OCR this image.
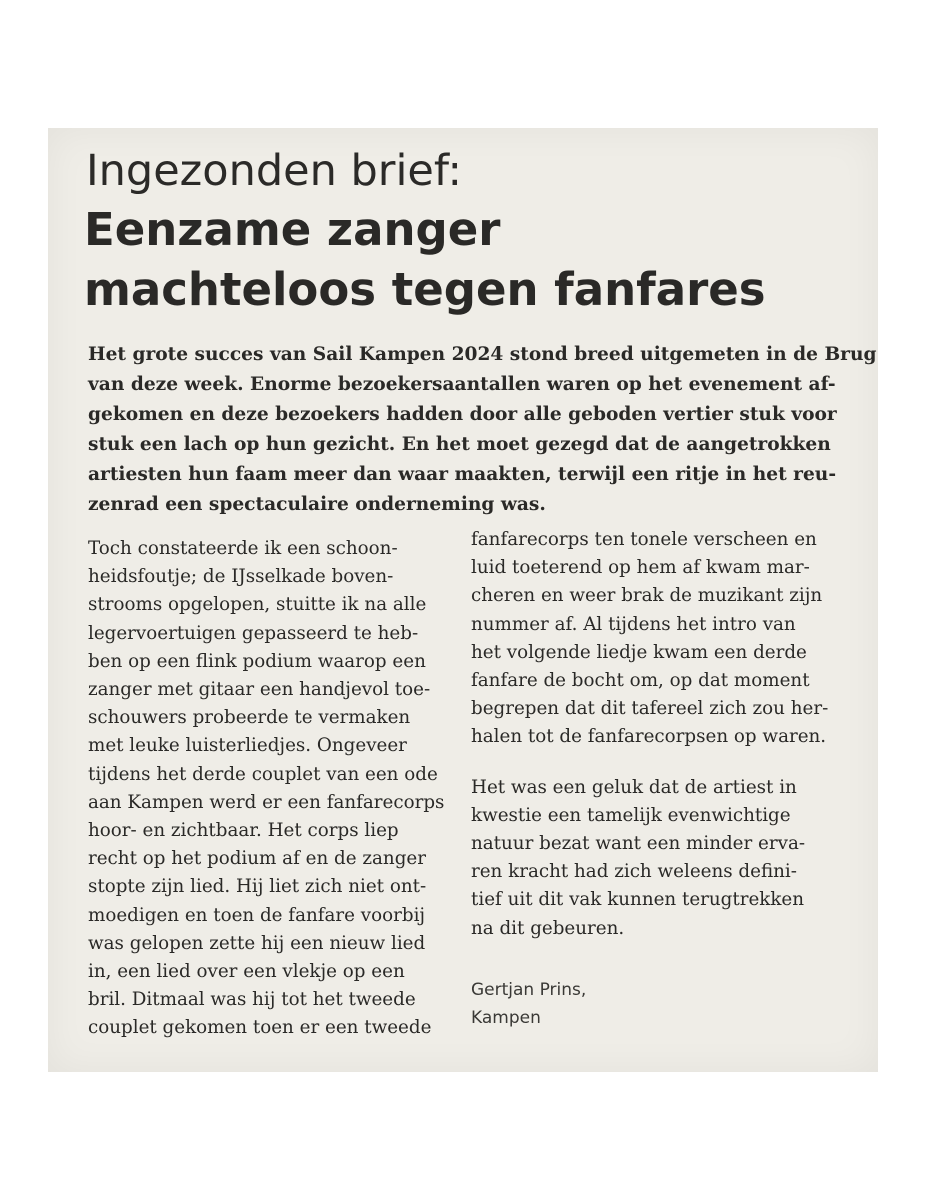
Ingezonden brief:
Eenzame zanger
machteloos tegen fanfares

Het grote succes van Sail Kampen 2024 stond breed uitgemeten in de Brug
van deze week. Enorme bezoekersaantallen waren op het evenement af-
gekomen en deze bezoekers hadden door alle geboden vertier stuk voor
stuk een lach op hun gezicht. En het moet gezegd dat de aangetrokken
artiesten hun faam meer dan waar maakten, terwijl een ritje in het reu-
zenrad een spectaculaire onderneming was.

Toch constateerde ik een schoon-
heidsfoutje; de IJsselkade boven-
strooms opgelopen, stuitte ik na alle
legervoertuigen gepasseerd te heb-
ben op een flink podium waarop een
zanger met gitaar een handjevol toe-
schouwers probeerde te vermaken
met leuke luisterliedjes. Ongeveer
tijdens het derde couplet van een ode
aan Kampen werd er een fanfarecorps
hoor- en zichtbaar. Het corps liep
recht op het podium af en de zanger
stopte zijn lied. Hij liet zich niet ont-
moedigen en toen de fanfare voorbij
was gelopen zette hij een nieuw lied
in, een lied over een vlekje op een
bril. Ditmaal was hij tot het tweede
couplet gekomen toen er een tweede

fanfarecorps ten tonele verscheen en
luid toeterend op hem af kwam mar-
cheren en weer brak de muzikant zijn
nummer af. Al tijdens het intro van
het volgende liedje kwam een derde
fanfare de bocht om, op dat moment
begrepen dat dit tafereel zich zou her-
halen tot de fanfarecorpsen op waren.

Het was een geluk dat de artiest in
kwestie een tamelijk evenwichtige
natuur bezat want een minder erva-
ren kracht had zich weleens defini-
tief uit dit vak kunnen terugtrekken
na dit gebeuren.

Gertjan Prins,
Kampen
